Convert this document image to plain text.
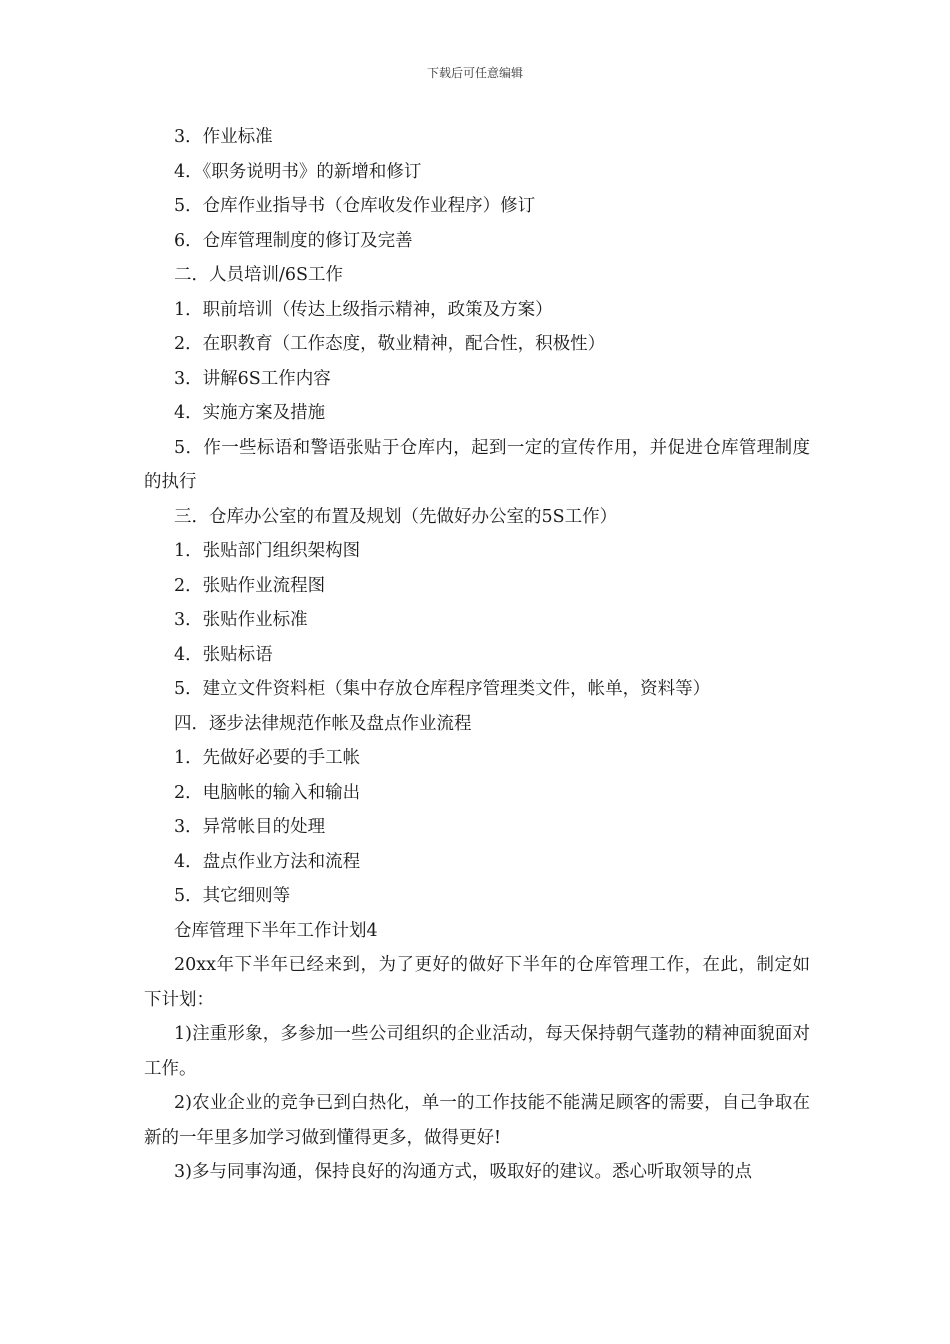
下载后可任意编辑

3．作业标准

4．《职务说明书》的新增和修订

5．仓库作业指导书（仓库收发作业程序）修订

6．仓库管理制度的修订及完善

二．人员培训/6S工作

1．职前培训（传达上级指示精神，政策及方案）

2．在职教育（工作态度，敬业精神，配合性，积极性）

3．讲解6S工作内容

4．实施方案及措施

5．作一些标语和警语张贴于仓库内，起到一定的宣传作用，并促进仓库管理制度的执行

三．仓库办公室的布置及规划（先做好办公室的5S工作）

1．张贴部门组织架构图

2．张贴作业流程图

3．张贴作业标准

4．张贴标语

5．建立文件资料柜（集中存放仓库程序管理类文件，帐单，资料等）

四．逐步法律规范作帐及盘点作业流程

1．先做好必要的手工帐

2．电脑帐的输入和输出

3．异常帐目的处理

4．盘点作业方法和流程

5．其它细则等

仓库管理下半年工作计划4

20xx年下半年已经来到，为了更好的做好下半年的仓库管理工作，在此，制定如下计划：

1)注重形象，多参加一些公司组织的企业活动，每天保持朝气蓬勃的精神面貌面对工作。

2)农业企业的竞争已到白热化，单一的工作技能不能满足顾客的需要，自己争取在新的一年里多加学习做到懂得更多，做得更好!

3)多与同事沟通，保持良好的沟通方式，吸取好的建议。悉心听取领导的点
